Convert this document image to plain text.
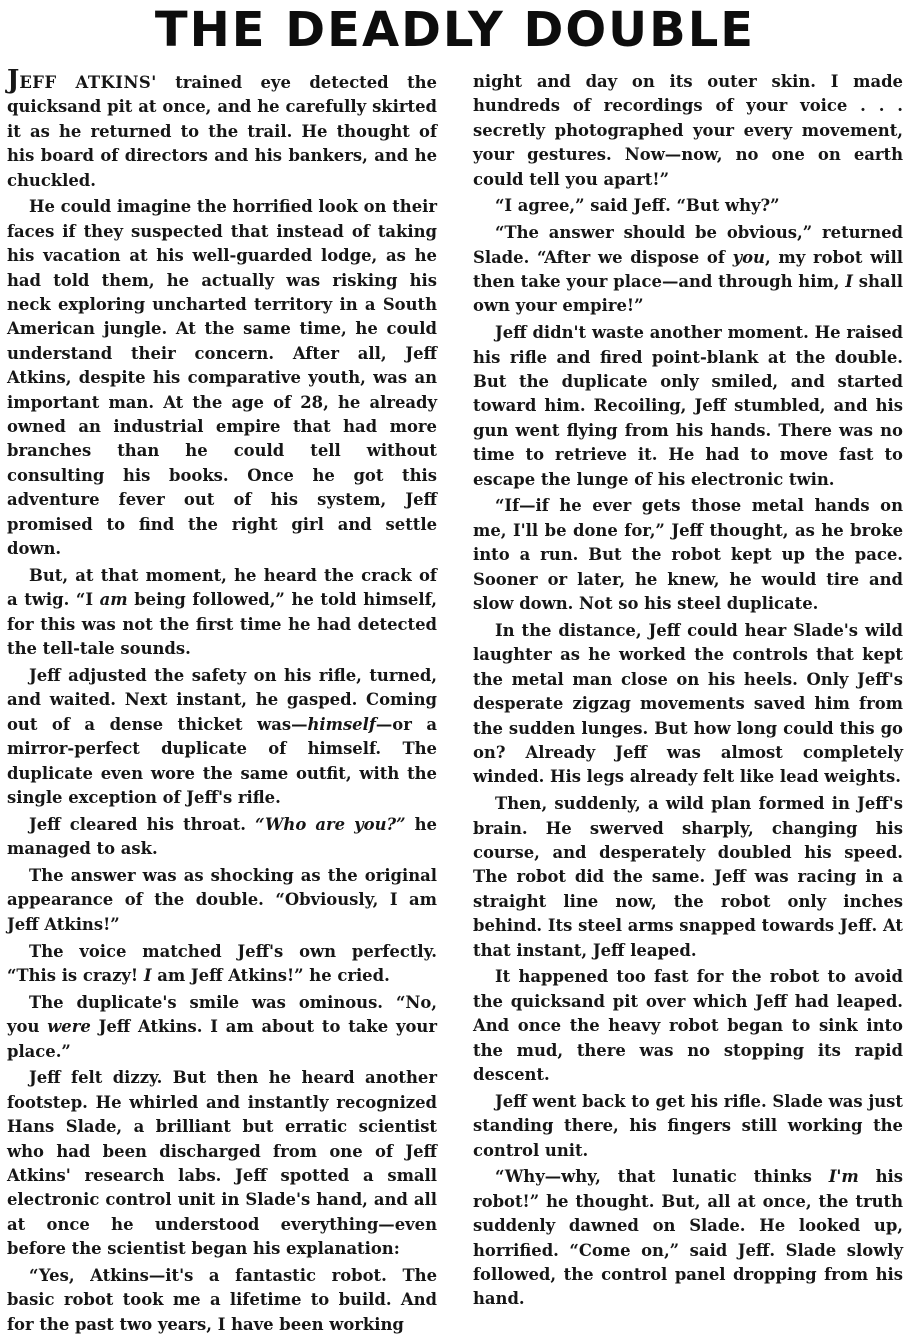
THE DEADLY DOUBLE

JEFF ATKINS' trained eye detected the quicksand pit at once, and he carefully skirted it as he returned to the trail. He thought of his board of directors and his bankers, and he chuckled.

He could imagine the horrified look on their faces if they suspected that instead of taking his vacation at his well-guarded lodge, as he had told them, he actually was risking his neck exploring uncharted territory in a South American jungle. At the same time, he could understand their concern. After all, Jeff Atkins, despite his comparative youth, was an important man. At the age of 28, he already owned an industrial empire that had more branches than he could tell without consulting his books. Once he got this adventure fever out of his system, Jeff promised to find the right girl and settle down.

But, at that moment, he heard the crack of a twig. “I am being followed,” he told himself, for this was not the first time he had detected the tell-tale sounds.

Jeff adjusted the safety on his rifle, turned, and waited. Next instant, he gasped. Coming out of a dense thicket was—himself—or a mirror-perfect duplicate of himself. The duplicate even wore the same outfit, with the single exception of Jeff's rifle.

Jeff cleared his throat. “Who are you?” he managed to ask.

The answer was as shocking as the original appearance of the double. “Obviously, I am Jeff Atkins!”

The voice matched Jeff's own perfectly. “This is crazy! I am Jeff Atkins!” he cried.

The duplicate's smile was ominous. “No, you were Jeff Atkins. I am about to take your place.”

Jeff felt dizzy. But then he heard another footstep. He whirled and instantly recognized Hans Slade, a brilliant but erratic scientist who had been discharged from one of Jeff Atkins' research labs. Jeff spotted a small electronic control unit in Slade's hand, and all at once he understood everything—even before the scientist began his explanation:

“Yes, Atkins—it's a fantastic robot. The basic robot took me a lifetime to build. And for the past two years, I have been working

night and day on its outer skin. I made hundreds of recordings of your voice . . . secretly photographed your every movement, your gestures. Now—now, no one on earth could tell you apart!”

“I agree,” said Jeff. “But why?”

“The answer should be obvious,” returned Slade. “After we dispose of you, my robot will then take your place—and through him, I shall own your empire!”

Jeff didn't waste another moment. He raised his rifle and fired point-blank at the double. But the duplicate only smiled, and started toward him. Recoiling, Jeff stumbled, and his gun went flying from his hands. There was no time to retrieve it. He had to move fast to escape the lunge of his electronic twin.

“If—if he ever gets those metal hands on me, I'll be done for,” Jeff thought, as he broke into a run. But the robot kept up the pace. Sooner or later, he knew, he would tire and slow down. Not so his steel duplicate.

In the distance, Jeff could hear Slade's wild laughter as he worked the controls that kept the metal man close on his heels. Only Jeff's desperate zigzag movements saved him from the sudden lunges. But how long could this go on? Already Jeff was almost completely winded. His legs already felt like lead weights.

Then, suddenly, a wild plan formed in Jeff's brain. He swerved sharply, changing his course, and desperately doubled his speed. The robot did the same. Jeff was racing in a straight line now, the robot only inches behind. Its steel arms snapped towards Jeff. At that instant, Jeff leaped.

It happened too fast for the robot to avoid the quicksand pit over which Jeff had leaped. And once the heavy robot began to sink into the mud, there was no stopping its rapid descent.

Jeff went back to get his rifle. Slade was just standing there, his fingers still working the control unit.

“Why—why, that lunatic thinks I'm his robot!” he thought. But, all at once, the truth suddenly dawned on Slade. He looked up, horrified. “Come on,” said Jeff. Slade slowly followed, the control panel dropping from his hand.
